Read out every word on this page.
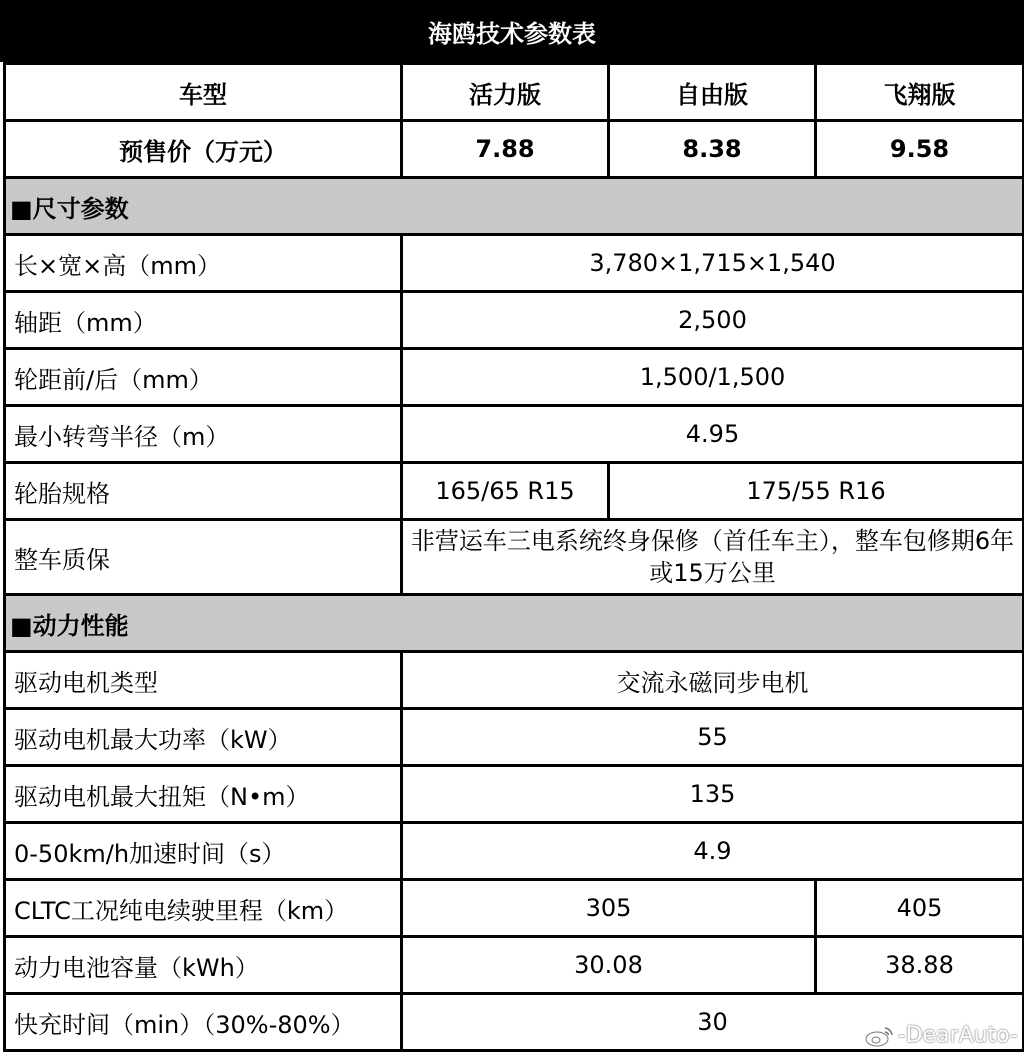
海鸥技术参数表
车型	活力版	自由版	飞翔版
预售价（万元）	7.88	8.38	9.58
■尺寸参数			
长×宽×高（mm）	3,780×1,715×1,540		
轴距（mm）	2,500		
轮距前/后（mm）	1,500/1,500		
最小转弯半径（m）	4.95		
轮胎规格	165/65 R15	175/55 R16	
整车质保	非营运车三电系统终身保修（首任车主），整车包修期6年或15万公里		
■动力性能			
驱动电机类型	交流永磁同步电机		
驱动电机最大功率（kW）	55		
驱动电机最大扭矩（N•m）	135		
0-50km/h加速时间（s）	4.9		
CLTC工况纯电续驶里程（km）	305		405
动力电池容量（kWh）	30.08		38.88
快充时间（min）（30%-80%）	30			-DearAuto-
